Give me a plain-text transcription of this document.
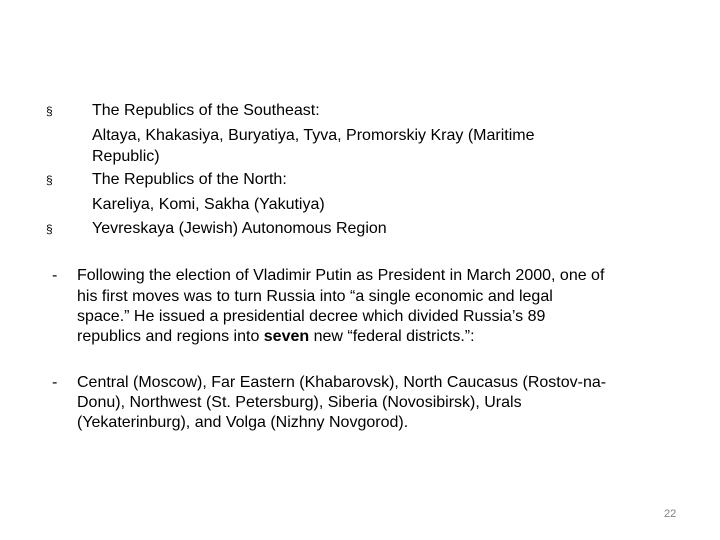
§
§
§
The Republics of the Southeast:
Altaya, Khakasiya, Buryatiya, Tyva, Promorskiy Kray (Maritime
Republic)
The Republics of the North:
Kareliya, Komi, Sakha (Yakutiya)
Yevreskaya (Jewish) Autonomous Region
- Following the election of Vladimir Putin as President in March 2000, one of
his first moves was to turn Russia into “a single economic and legal
space.” He issued a presidential decree which divided Russia’s 89
republics and regions into seven new “federal districts.”:
- Central (Moscow), Far Eastern (Khabarovsk), North Caucasus (Rostov-na-
Donu), Northwest (St. Petersburg), Siberia (Novosibirsk), Urals
(Yekaterinburg), and Volga (Nizhny Novgorod).
22
